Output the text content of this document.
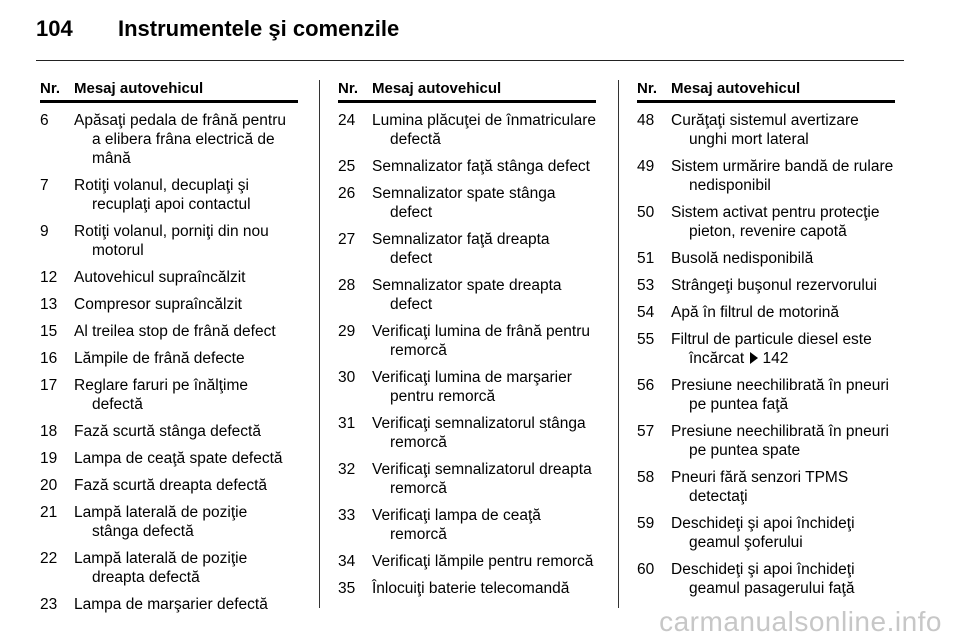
104 Instrumentele şi comenzile
Nr. Mesaj autovehicul
6	Apăsaţi pedala de frână pentru a elibera frâna electrică de mână
7	Rotiţi volanul, decuplaţi şi recuplaţi apoi contactul
9	Rotiţi volanul, porniţi din nou motorul
12	Autovehicul supraîncălzit
13	Compresor supraîncălzit
15	Al treilea stop de frână defect
16	Lămpile de frână defecte
17	Reglare faruri pe înălţime defectă
18	Fază scurtă stânga defectă
19	Lampa de ceaţă spate defectă
20	Fază scurtă dreapta defectă
21	Lampă laterală de poziţie stânga defectă
22	Lampă laterală de poziţie dreapta defectă
23	Lampa de marşarier defectă
Nr. Mesaj autovehicul
24	Lumina plăcuţei de înmatriculare defectă
25	Semnalizator faţă stânga defect
26	Semnalizator spate stânga defect
27	Semnalizator faţă dreapta defect
28	Semnalizator spate dreapta defect
29	Verificaţi lumina de frână pentru remorcă
30	Verificaţi lumina de marşarier pentru remorcă
31	Verificaţi semnalizatorul stânga remorcă
32	Verificaţi semnalizatorul dreapta remorcă
33	Verificaţi lampa de ceaţă remorcă
34	Verificaţi lămpile pentru remorcă
35	Înlocuiţi baterie telecomandă
Nr. Mesaj autovehicul
48	Curăţaţi sistemul avertizare unghi mort lateral
49	Sistem urmărire bandă de rulare nedisponibil
50	Sistem activat pentru protecţie pieton, revenire capotă
51	Busolă nedisponibilă
53	Strângeţi buşonul rezervorului
54	Apă în filtrul de motorină
55	Filtrul de particule diesel este încărcat 142
56	Presiune neechilibrată în pneuri pe puntea faţă
57	Presiune neechilibrată în pneuri pe puntea spate
58	Pneuri fără senzori TPMS detectaţi
59	Deschideţi şi apoi închideţi geamul şoferului
60	Deschideţi şi apoi închideţi geamul pasagerului faţă
carmanualsonline.info
